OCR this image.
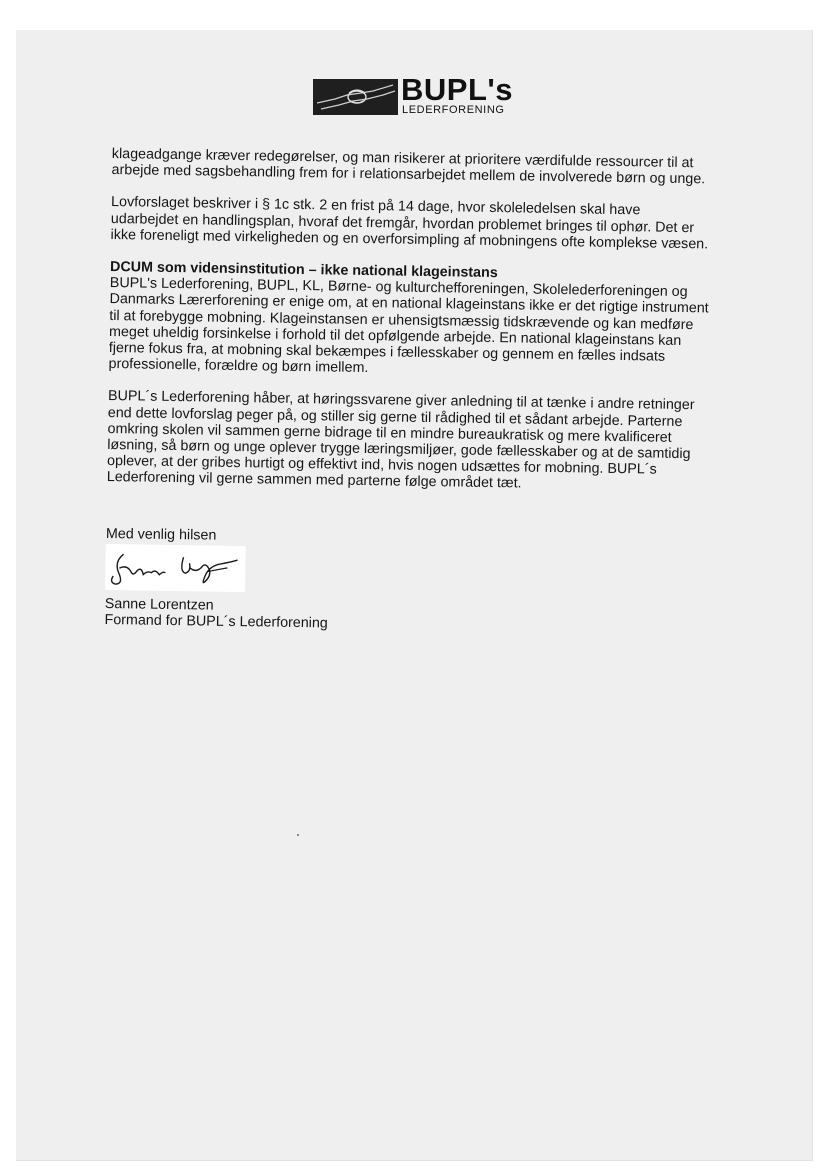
BUPL's
LEDERFORENING

klageadgange kræver redegørelser, og man risikerer at prioritere værdifulde ressourcer til at arbejde med sagsbehandling frem for i relationsarbejdet mellem de involverede børn og unge.

Lovforslaget beskriver i § 1c stk. 2 en frist på 14 dage, hvor skoleledelsen skal have udarbejdet en handlingsplan, hvoraf det fremgår, hvordan problemet bringes til ophør. Det er ikke foreneligt med virkeligheden og en overforsimpling af mobningens ofte komplekse væsen.

DCUM som vidensinstitution – ikke national klageinstans
BUPL's Lederforening, BUPL, KL, Børne- og kulturchefforeningen, Skolelederforeningen og Danmarks Lærerforening er enige om, at en national klageinstans ikke er det rigtige instrument til at forebygge mobning. Klageinstansen er uhensigtsmæssig tidskrævende og kan medføre meget uheldig forsinkelse i forhold til det opfølgende arbejde. En national klageinstans kan fjerne fokus fra, at mobning skal bekæmpes i fællesskaber og gennem en fælles indsats professionelle, forældre og børn imellem.

BUPL´s Lederforening håber, at høringssvarene giver anledning til at tænke i andre retninger end dette lovforslag peger på, og stiller sig gerne til rådighed til et sådant arbejde. Parterne omkring skolen vil sammen gerne bidrage til en mindre bureaukratisk og mere kvalificeret løsning, så børn og unge oplever trygge læringsmiljøer, gode fællesskaber og at de samtidig oplever, at der gribes hurtigt og effektivt ind, hvis nogen udsættes for mobning. BUPL´s Lederforening vil gerne sammen med parterne følge området tæt.

Med venlig hilsen
Sanne Lorentzen
Formand for BUPL´s Lederforening
